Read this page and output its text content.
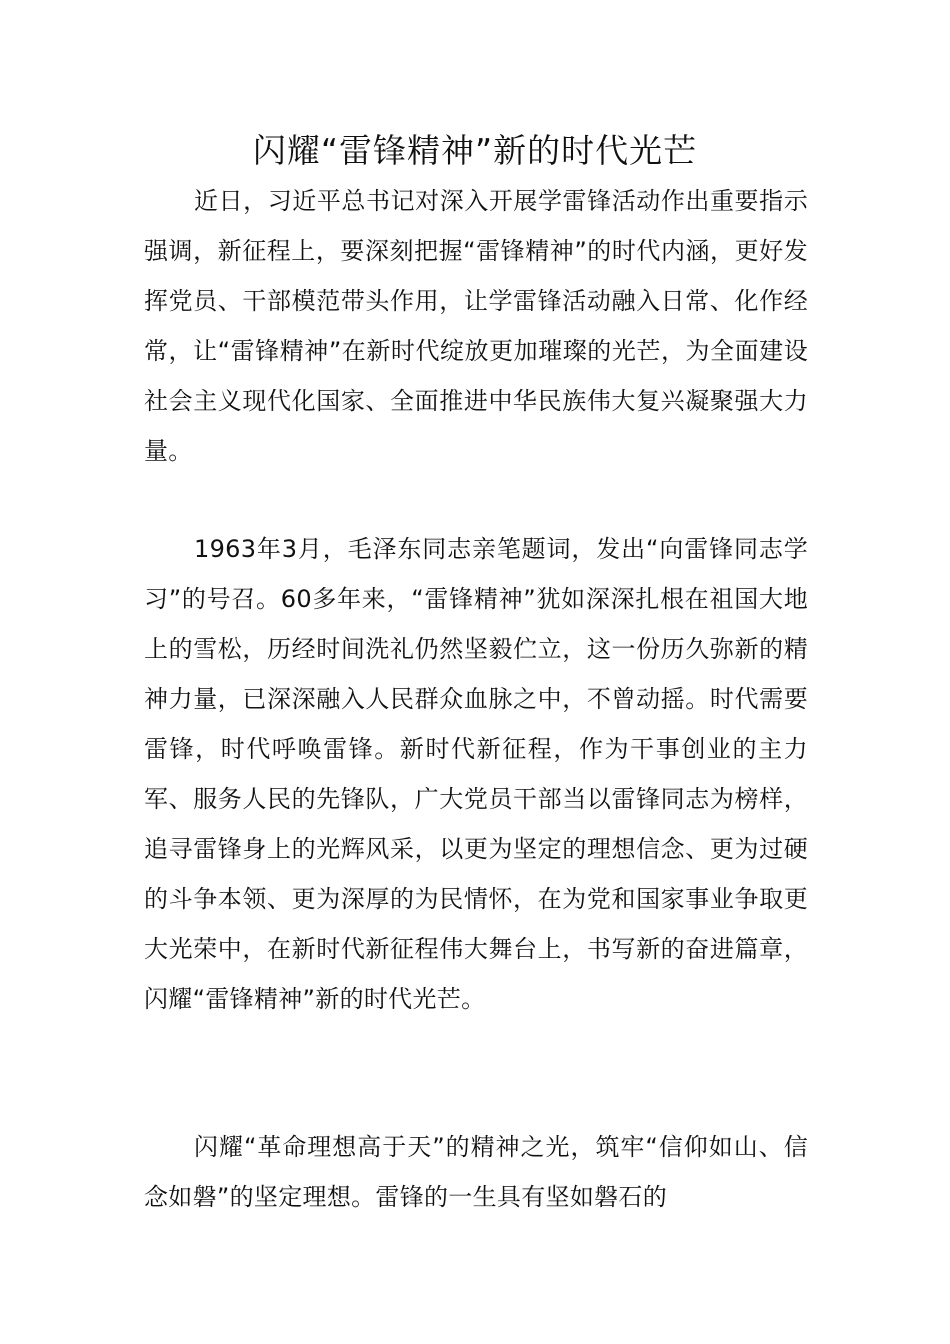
闪耀“雷锋精神”新的时代光芒

近日，习近平总书记对深入开展学雷锋活动作出重要指示强调，新征程上，要深刻把握“雷锋精神”的时代内涵，更好发挥党员、干部模范带头作用，让学雷锋活动融入日常、化作经常，让“雷锋精神”在新时代绽放更加璀璨的光芒，为全面建设社会主义现代化国家、全面推进中华民族伟大复兴凝聚强大力量。

1963年3月，毛泽东同志亲笔题词，发出“向雷锋同志学习”的号召。60多年来，“雷锋精神”犹如深深扎根在祖国大地上的雪松，历经时间洗礼仍然坚毅伫立，这一份历久弥新的精神力量，已深深融入人民群众血脉之中，不曾动摇。时代需要雷锋，时代呼唤雷锋。新时代新征程，作为干事创业的主力军、服务人民的先锋队，广大党员干部当以雷锋同志为榜样，追寻雷锋身上的光辉风采，以更为坚定的理想信念、更为过硬的斗争本领、更为深厚的为民情怀，在为党和国家事业争取更大光荣中，在新时代新征程伟大舞台上，书写新的奋进篇章，闪耀“雷锋精神”新的时代光芒。

闪耀“革命理想高于天”的精神之光，筑牢“信仰如山、信念如磐”的坚定理想。雷锋的一生具有坚如磐石的
